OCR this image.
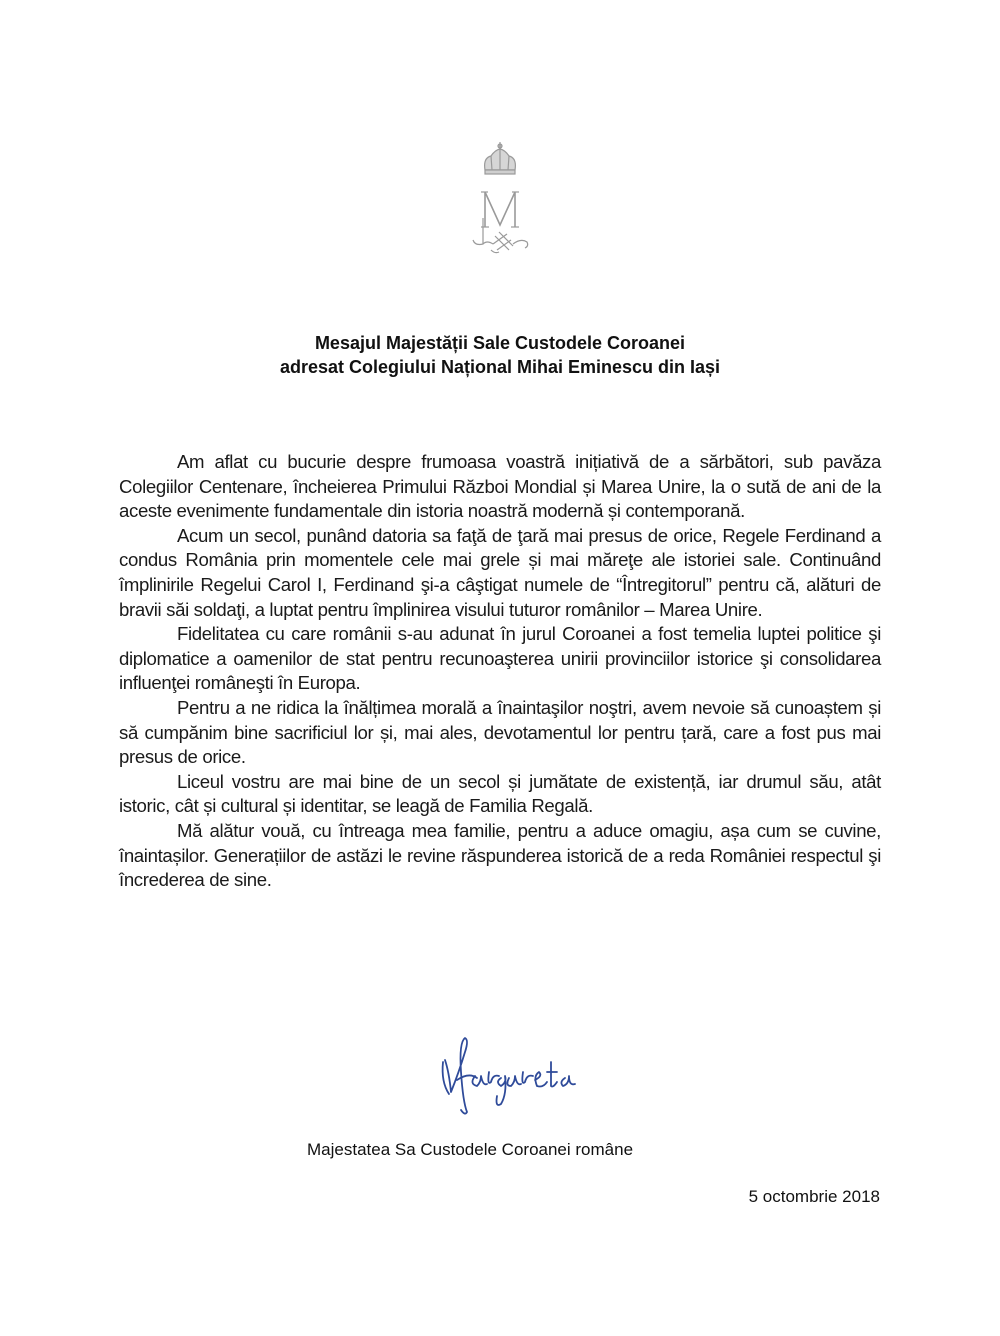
Mesajul Majestății Sale Custodele Coroanei
adresat Colegiului Național Mihai Eminescu din Iași

Am aflat cu bucurie despre frumoasa voastră inițiativă de a sărbători, sub pavăza Colegiilor Centenare, încheierea Primului Război Mondial și Marea Unire, la o sută de ani de la aceste evenimente fundamentale din istoria noastră modernă și contemporană.

Acum un secol, punând datoria sa faţă de ţară mai presus de orice, Regele Ferdinand a condus România prin momentele cele mai grele și mai măreţe ale istoriei sale. Continuând împlinirile Regelui Carol I, Ferdinand şi-a câştigat numele de “Întregitorul” pentru că, alături de bravii săi soldaţi, a luptat pentru împlinirea visului tuturor românilor – Marea Unire.

Fidelitatea cu care românii s-au adunat în jurul Coroanei a fost temelia luptei politice şi diplomatice a oamenilor de stat pentru recunoaşterea unirii provinciilor istorice şi consolidarea influenţei româneşti în Europa.

Pentru a ne ridica la înălțimea morală a înaintaşilor noştri, avem nevoie să cunoaștem și să cumpănim bine sacrificiul lor și, mai ales, devotamentul lor pentru țară, care a fost pus mai presus de orice.

Liceul vostru are mai bine de un secol și jumătate de existență, iar drumul său, atât istoric, cât și cultural și identitar, se leagă de Familia Regală.

Mă alătur vouă, cu întreaga mea familie, pentru a aduce omagiu, așa cum se cuvine, înaintașilor. Generațiilor de astăzi le revine răspunderea istorică de a reda României respectul şi încrederea de sine.

Majestatea Sa Custodele Coroanei române
5 octombrie 2018
